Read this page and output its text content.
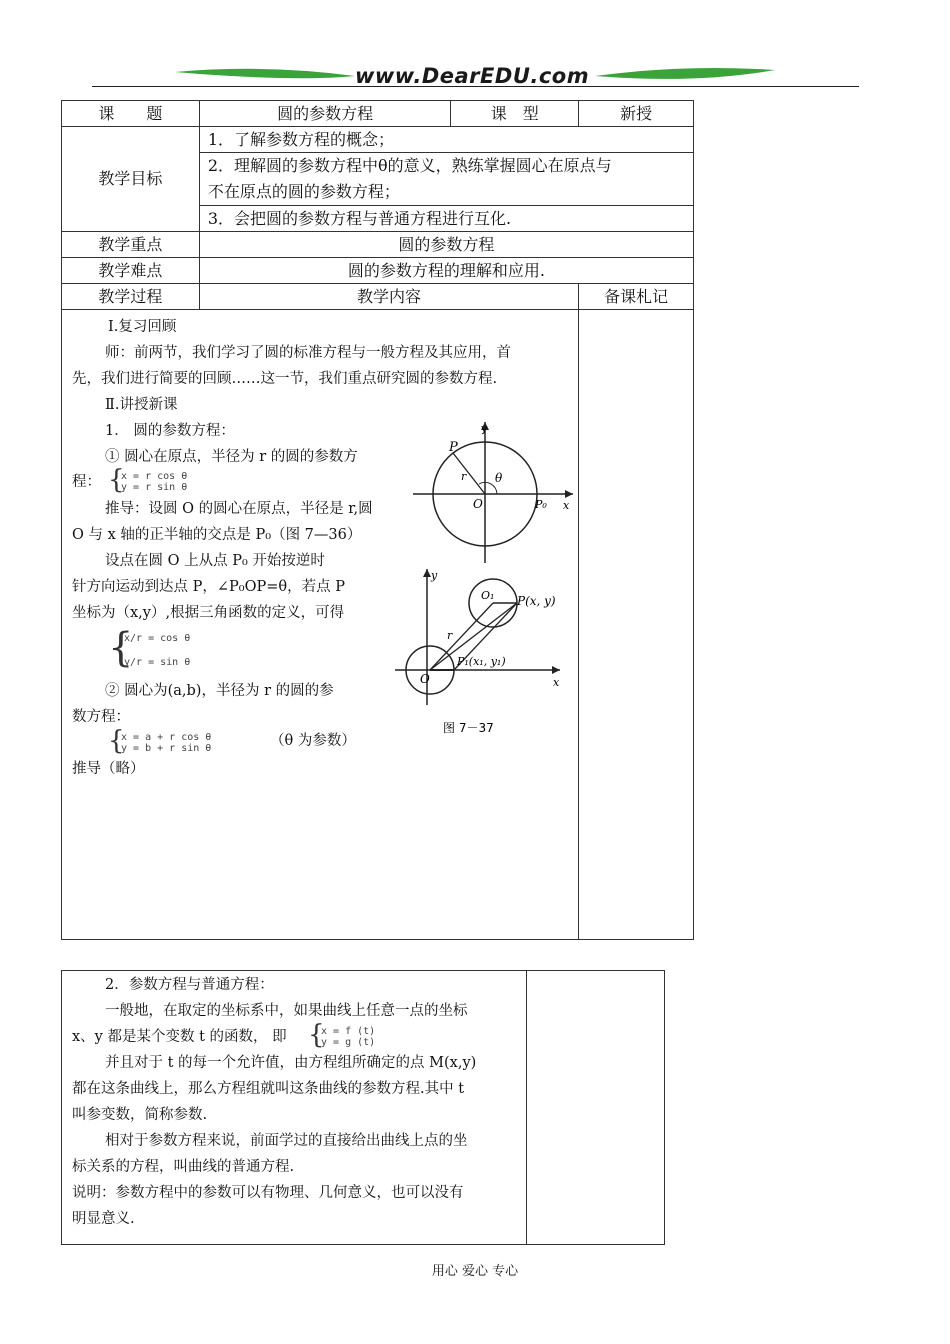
www.DearEDU.com
课　　题	圆的参数方程	课　型	新授
教学目标	1．了解参数方程的概念；		

	2．理解圆的参数方程中θ的意义，熟练掌握圆心在原点与
不在原点的圆的参数方程；		

	3．会把圆的参数方程与普通方程进行互化.		
教学重点	圆的参数方程		
教学难点	圆的参数方程的理解和应用.		
教学过程	教学内容		备课札记

Ⅰ.复习回顾
师：前两节，我们学习了圆的标准方程与一般方程及其应用，首
先，我们进行简要的回顾……这一节，我们重点研究圆的参数方程.
Ⅱ.讲授新课
1． 圆的参数方程：
① 圆心在原点，半径为 r 的圆的参数方
程： {
x = r cos θ
y = r sin θ
推导：设圆 O 的圆心在原点，半径是 r,圆
O 与 x 轴的正半轴的交点是 P₀（图 7—36）
设点在圆 O 上从点 P₀ 开始按逆时
针方向运动到达点 P，∠P₀OP=θ，若点 P
坐标为（x,y）,根据三角函数的定义，可得
{
x/r = cos θ
y/r = sin θ
② 圆心为(a,b)，半径为 r 的圆的参
数方程：
{
x = a + r cos θ
y = b + r sin θ	（θ 为参数）
推导（略）
y
P
r θ
O	P₀ x
y
O₁ P(x, y)
r
O
P₁(x₁, y₁)
x
图 7－37

2．参数方程与普通方程：
一般地，在取定的坐标系中，如果曲线上任意一点的坐标
x、y 都是某个变数 t 的函数， 即 {
x = f (t)
y = g (t)
并且对于 t 的每一个允许值，由方程组所确定的点 M(x,y)
都在这条曲线上，那么方程组就叫这条曲线的参数方程.其中 t
叫参变数，简称参数.
相对于参数方程来说，前面学过的直接给出曲线上点的坐
标关系的方程，叫曲线的普通方程.
说明：参数方程中的参数可以有物理、几何意义，也可以没有
明显意义.
用心 爱心 专心
